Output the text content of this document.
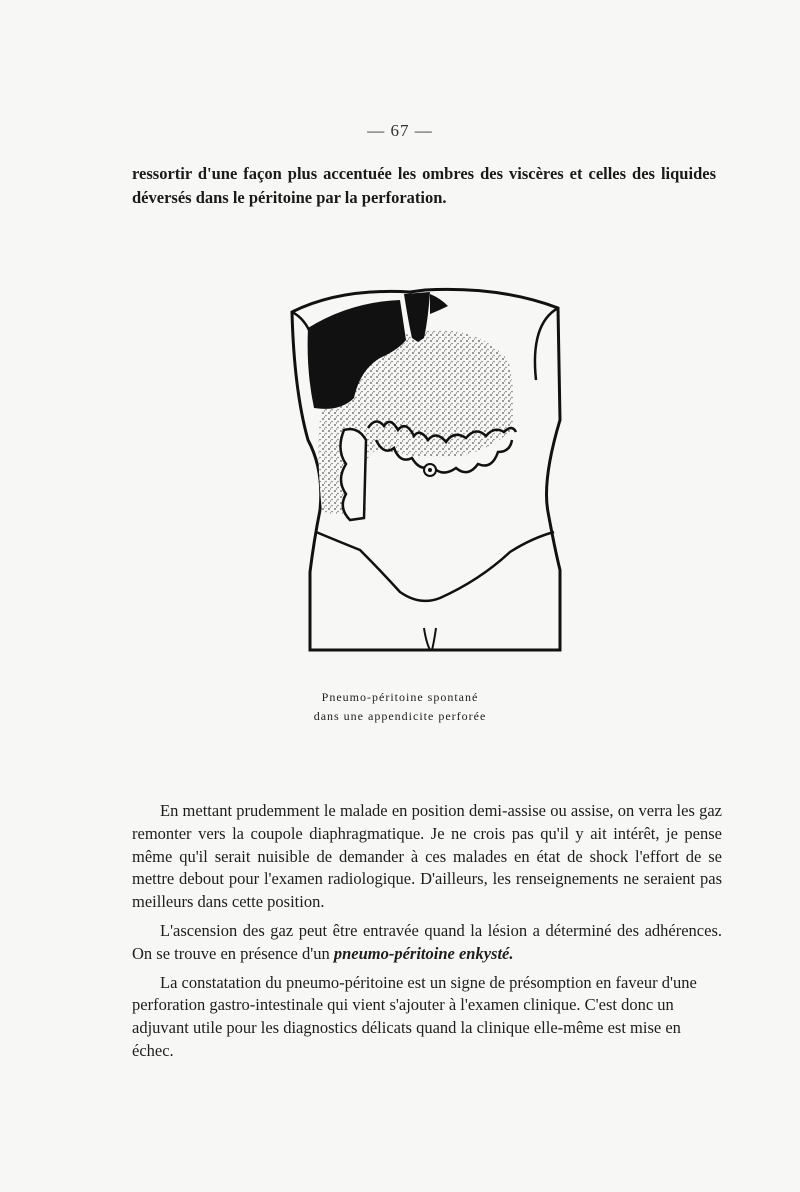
— 67 —

ressortir d'une façon plus accentuée les ombres des viscères et celles des liquides déversés dans le péritoine par la perforation.

Pneumo-péritoine spontané
dans une appendicite perforée

En mettant prudemment le malade en position demi-assise ou assise, on verra les gaz remonter vers la coupole diaphragmatique. Je ne crois pas qu'il y ait intérêt, je pense même qu'il serait nuisible de demander à ces malades en état de shock l'effort de se mettre debout pour l'examen radiologique. D'ailleurs, les renseignements ne seraient pas meilleurs dans cette position.

L'ascension des gaz peut être entravée quand la lésion a déterminé des adhérences. On se trouve en présence d'un pneumo-péritoine enkysté.

La constatation du pneumo-péritoine est un signe de présomption en faveur d'une perforation gastro-intestinale qui vient s'ajouter à l'examen clinique. C'est donc un adjuvant utile pour les diagnostics délicats quand la clinique elle-même est mise en échec.
